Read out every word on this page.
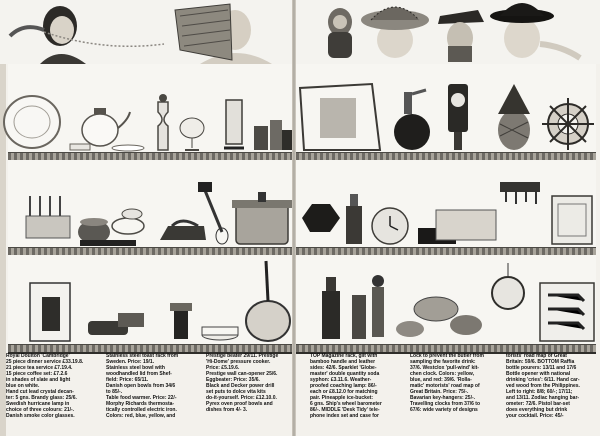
Royal Doulton 'Cambridge'
25 piece dinner service £33.19.8.
21 piece tea service £7.19.4.
15 piece coffee set: £7.2.6
in shades of slate and light
blue on white.
Hand cut lead crystal decan-
ter: 5 gns. Brandy glass: 25/6.
Swedish hurricane lamp in
choice of three colours: 21/-.
Danish smoke color glasses.
Stainless steel toast rack from
Sweden. Price: 19/1.
Stainless steel bowl with
woodhandled lid from Shef-
field: Price: 65/11.
Danish open bowls from 34/6
to 85/-.
Table food warmer. Price: 22/-
Morphy Richards thermosta-
tically controlled electric iron.
Colors: red, blue, yellow, and
Prestige beater 29/11. Prestige
'Hi-Dome' pressure cooker.
Price: £5.19.6.
Prestige wall can-opener 25/6.
Eggbeater: Price: 35/6.
Black and Decker power drill
set puts to dolce vita kits
do-it-yourself. Price: £12.10.0.
Pyrex oven proof bowls and
dishes from 4/- 3.
TOP Magazine rack, gilt with
bamboo handle and leather
sides: 42/6. Sparklet 'Globe-
master' double quantity soda
syphon: £3.11.6. Weather-
proofed coaching lamp: 86/-
each or £8.12.0 for matching
pair. Pineapple ice-bucket:
6 gns. Ship's wheel barometer
86/-. MIDDLE 'Desk Tidy' tele-
phone index set and case for
Lock to prevent the butler from
sampling the favorite drink:
37/6. Westclox 'pull-wind' kit-
chen clock. Colors: yellow,
blue, and red: 39/6. 'Rolla-
matic' motorists' road map of
Great Britain. Price: 75/-.
Bavarian key-hangers: 25/-.
Travelling clocks from 37/6 to
67/6: wide variety of designs
torists' road map of Great
Britain: 59/6. BOTTOM Raffia
bottle pourers: 13/11 and 17/6
Bottle opener with national
drinking 'cries': 6/11. Hand car-
ved wood from the Philippines.
Left to right: 8/8; 60/-; 17/11;
and 13/11. Zodiac hanging bar-
ometer: 72/6. Pistol bar-set
does everything but drink
your cocktail. Price: 45/-
